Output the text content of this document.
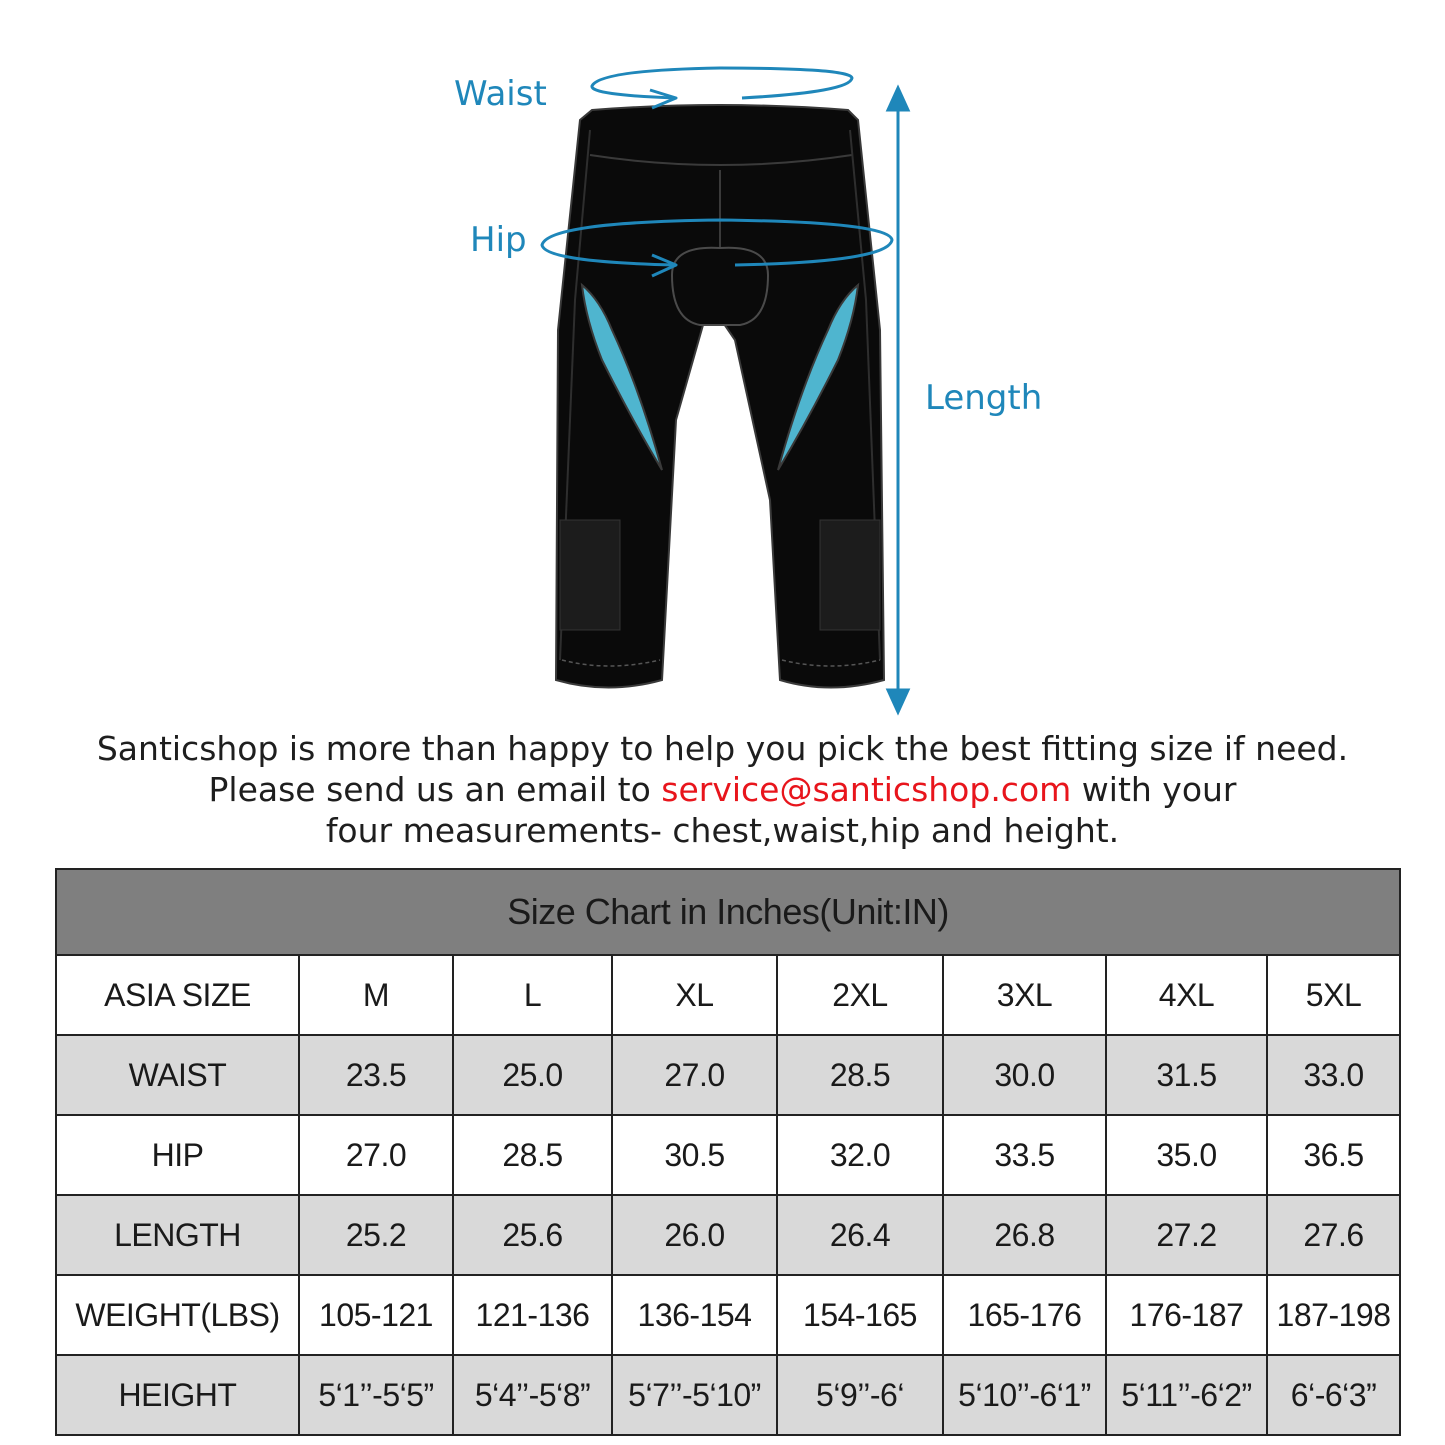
Waist
Hip
Length
Santicshop is more than happy to help you pick the best fitting size if need.
Please send us an email to service@santicshop.com with your
four measurements- chest,waist,hip and height.
Size Chart in Inches(Unit:IN)							
ASIA SIZE	M	L	XL	2XL	3XL	4XL	5XL
WAIST	23.5	25.0	27.0	28.5	30.0	31.5	33.0
HIP	27.0	28.5	30.5	32.0	33.5	35.0	36.5
LENGTH	25.2	25.6	26.0	26.4	26.8	27.2	27.6
WEIGHT(LBS)	105-121	121-136	136-154	154-165	165-176	176-187	187-198
HEIGHT	5‘1’’-5‘5”	5‘4’’-5‘8”	5‘7’’-5‘10”	5‘9’’-6‘	5‘10’’-6‘1”	5‘11’’-6‘2”	6‘-6‘3”
